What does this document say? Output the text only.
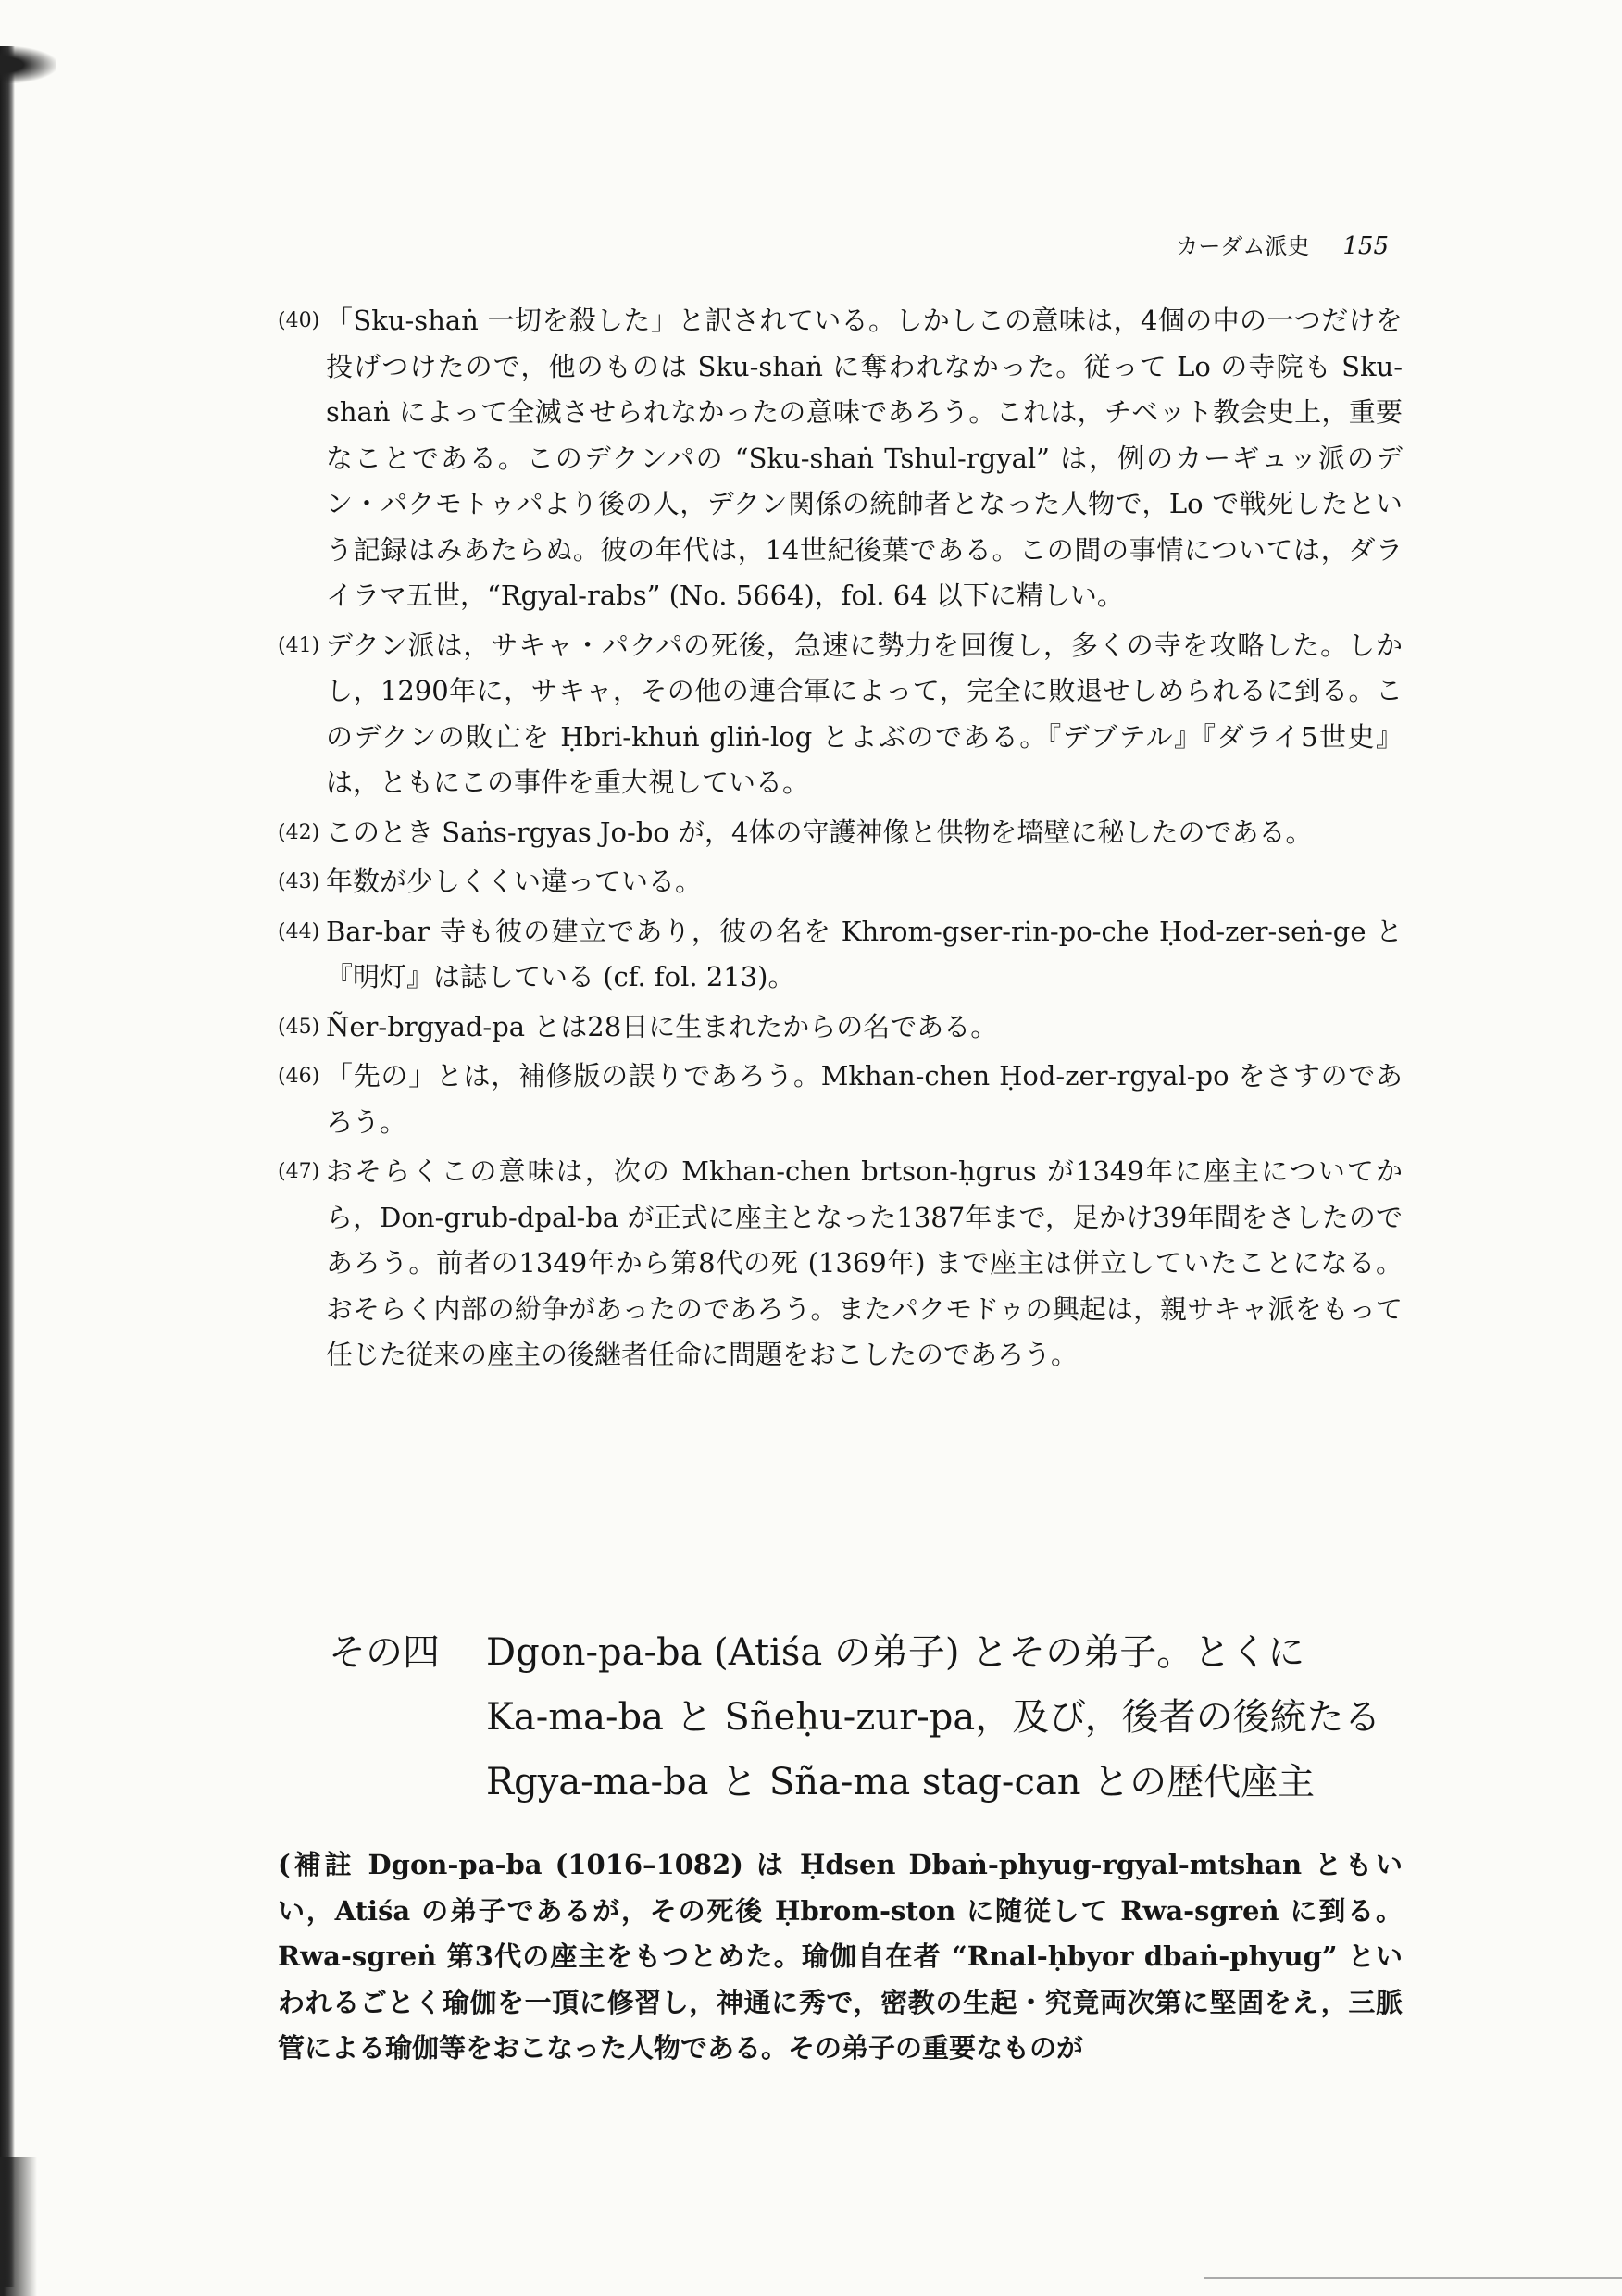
カーダム派史 155
(40) 「Sku-shaṅ 一切を殺した」と訳されている。しかしこの意味は，4個の中の一つだけを投げつけたので，他のものは Sku-shaṅ に奪われなかった。従って Lo の寺院も Sku-shaṅ によって全滅させられなかったの意味であろう。これは，チベット教会史上，重要なことである。このデクンパの “Sku-shaṅ Tshul-rgyal” は，例のカーギュッ派のデン・パクモトゥパより後の人，デクン関係の統帥者となった人物で，Lo で戦死したという記録はみあたらぬ。彼の年代は，14世紀後葉である。この間の事情については，ダライラマ五世，“Rgyal-rabs” (No. 5664)，fol. 64 以下に精しい。
(41) デクン派は，サキャ・パクパの死後，急速に勢力を回復し，多くの寺を攻略した。しかし，1290年に，サキャ，その他の連合軍によって，完全に敗退せしめられるに到る。このデクンの敗亡を Ḥbri-khuṅ gliṅ-log とよぶのである。『デブテル』『ダライ5世史』は，ともにこの事件を重大視している。
(42) このとき Saṅs-rgyas Jo-bo が，4体の守護神像と供物を墻壁に秘したのである。
(43) 年数が少しくくい違っている。
(44) Bar-bar 寺も彼の建立であり，彼の名を Khrom-gser-rin-po-che Ḥod-zer-seṅ-ge と『明灯』は誌している (cf. fol. 213)。
(45) Ñer-brgyad-pa とは28日に生まれたからの名である。
(46) 「先の」とは，補修版の誤りであろう。Mkhan-chen Ḥod-zer-rgyal-po をさすのであろう。
(47) おそらくこの意味は，次の Mkhan-chen brtson-ḥgrus が1349年に座主についてから，Don-grub-dpal-ba が正式に座主となった1387年まで，足かけ39年間をさしたのであろう。前者の1349年から第8代の死 (1369年) まで座主は併立していたことになる。おそらく内部の紛争があったのであろう。またパクモドゥの興起は，親サキャ派をもって任じた従来の座主の後継者任命に問題をおこしたのであろう。
その四	Dgon-pa-ba (Atiśa の弟子) とその弟子。とくに
Ka-ma-ba と Sñeḥu-zur-pa，及び，後者の後統たる
Rgya-ma-ba と Sña-ma stag-can との歴代座主
(補註 Dgon-pa-ba (1016–1082) は Ḥdsen Dbaṅ-phyug-rgyal-mtshan ともいい，Atiśa の弟子であるが，その死後 Ḥbrom-ston に随従して Rwa-sgreṅ に到る。Rwa-sgreṅ 第3代の座主をもつとめた。瑜伽自在者 “Rnal-ḥbyor dbaṅ-phyug” といわれるごとく瑜伽を一頂に修習し，神通に秀で，密教の生起・究竟両次第に堅固をえ，三脈管による瑜伽等をおこなった人物である。その弟子の重要なものが
